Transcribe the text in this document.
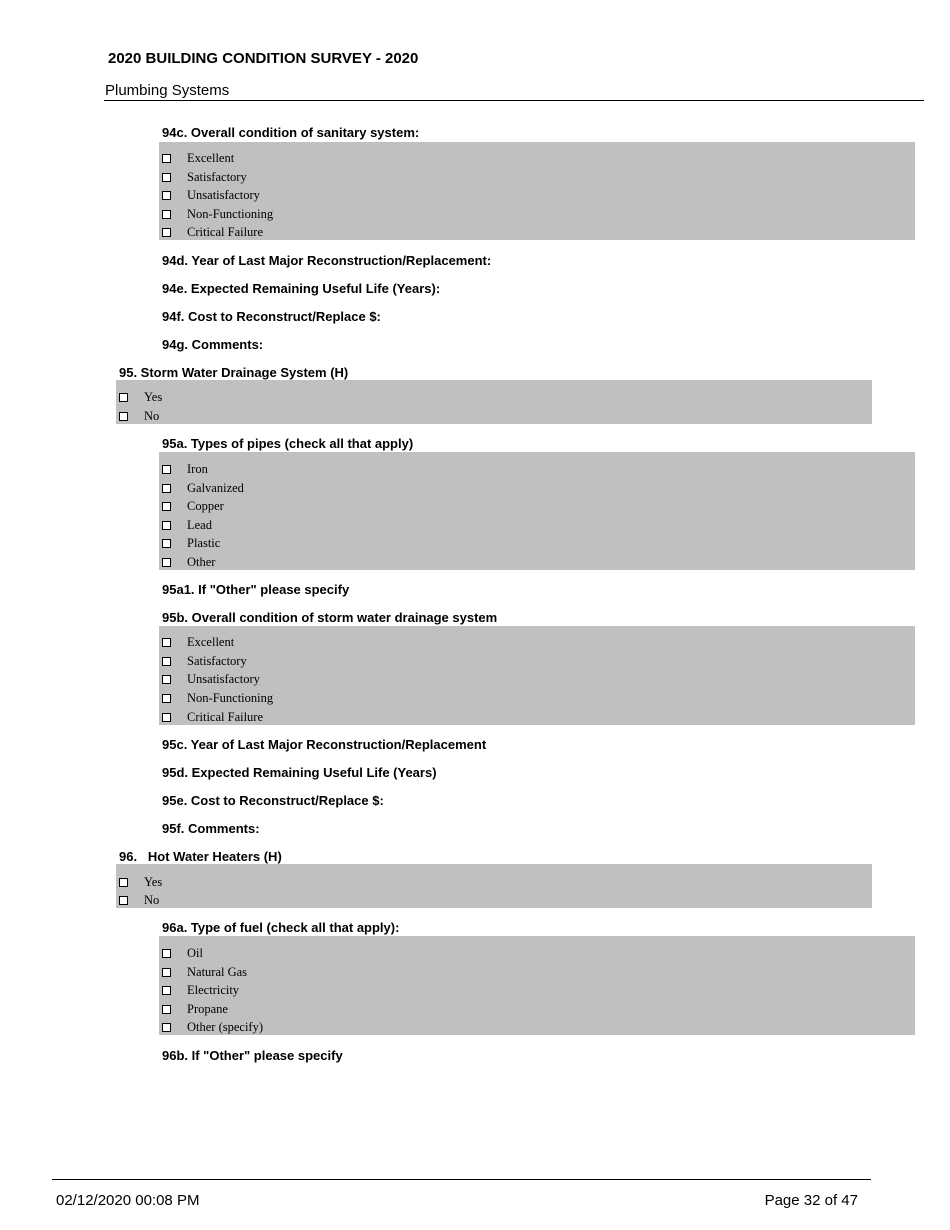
2020 BUILDING CONDITION SURVEY - 2020
Plumbing Systems
94c. Overall condition of sanitary system:
Excellent
Satisfactory
Unsatisfactory
Non-Functioning
Critical Failure
94d. Year of Last Major Reconstruction/Replacement:
94e. Expected Remaining Useful Life (Years):
94f. Cost to Reconstruct/Replace $:
94g. Comments:
95. Storm Water Drainage System (H)
Yes
No
95a. Types of pipes (check all that apply)
Iron
Galvanized
Copper
Lead
Plastic
Other
95a1. If "Other" please specify
95b. Overall condition of storm water drainage system
Excellent
Satisfactory
Unsatisfactory
Non-Functioning
Critical Failure
95c. Year of Last Major Reconstruction/Replacement
95d. Expected Remaining Useful Life (Years)
95e. Cost to Reconstruct/Replace $:
95f. Comments:
96.   Hot Water Heaters (H)
Yes
No
96a. Type of fuel (check all that apply):
Oil
Natural Gas
Electricity
Propane
Other (specify)
96b. If "Other" please specify
02/12/2020 00:08 PM	Page 32 of 47
